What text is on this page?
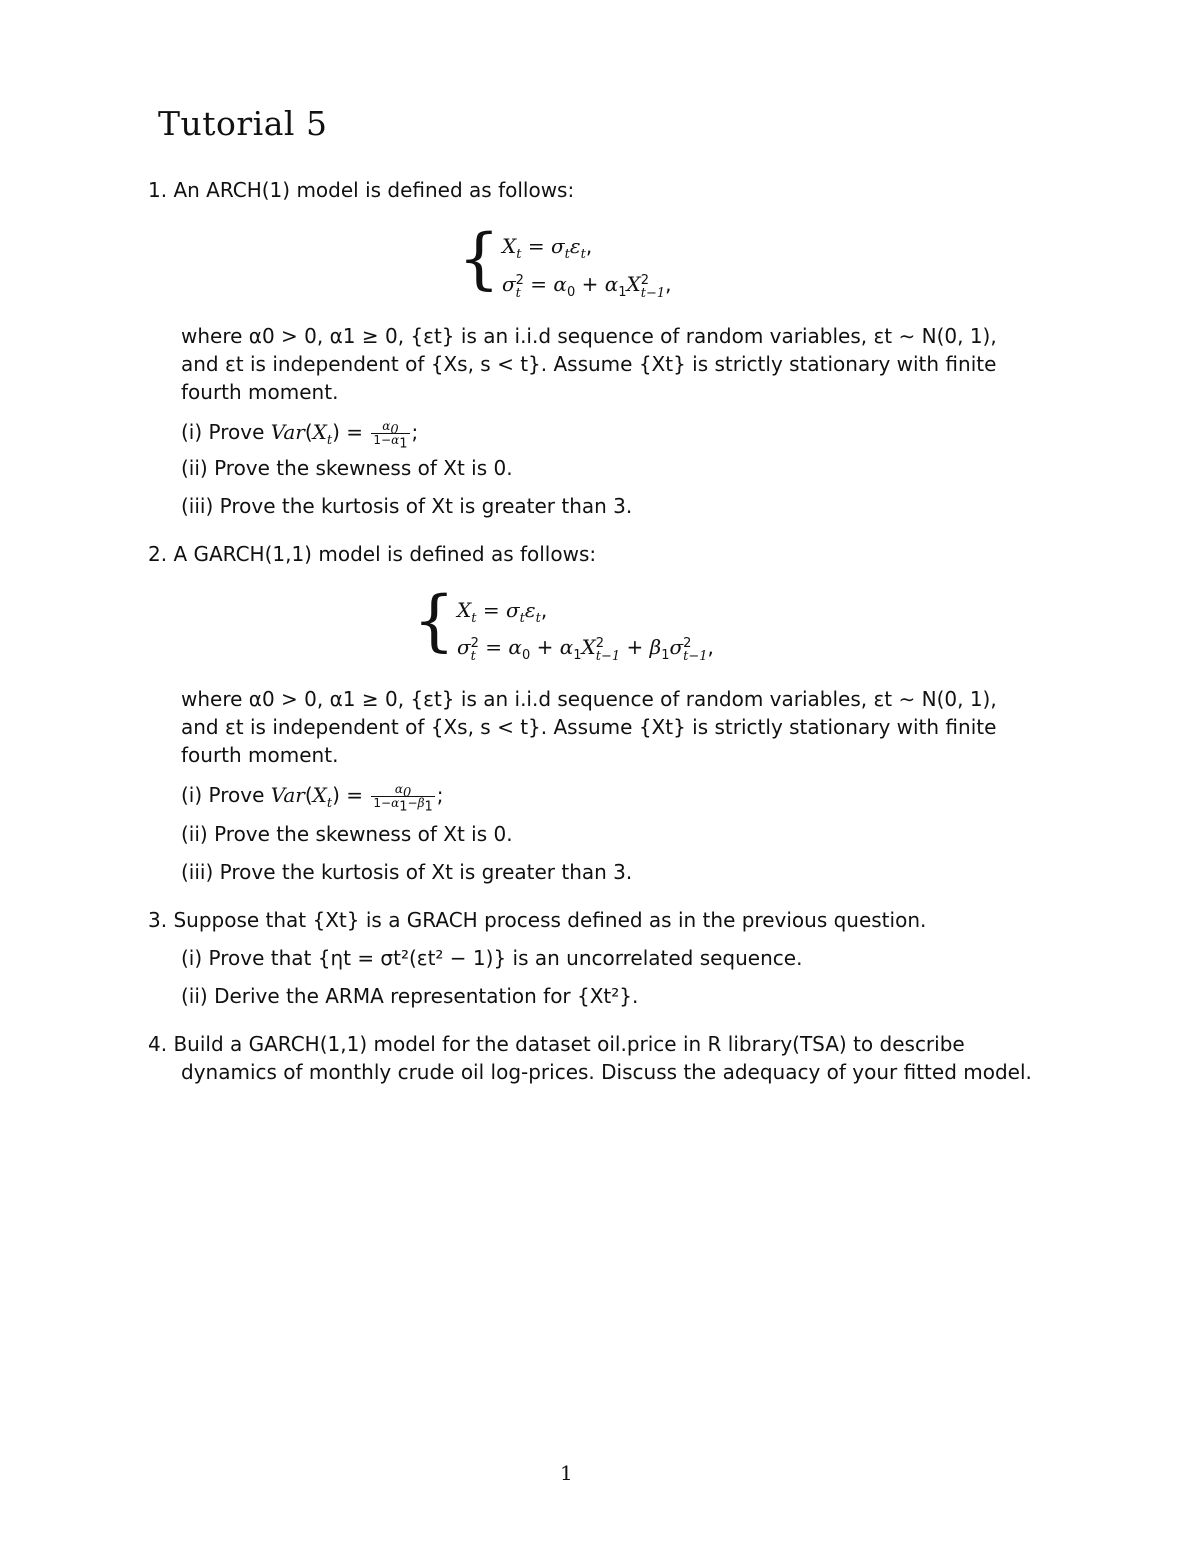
Tutorial 5
1. An ARCH(1) model is defined as follows:
{ $X_t = \sigma_t\varepsilon_t$,
σ 2
$t = \alpha_0 + \alpha_1X$ 2
t−1 ,
where α0 > 0, α1 ≥ 0, {εt} is an i.i.d sequence of random variables, εt ∼ N(0, 1),
and εt is independent of {Xs, s < t}. Assume {Xt} is strictly stationary with finite
fourth moment.
(i) Prove $Var(X_t) = \frac{\alpha_0}{1-\alpha_1}$ ;
(ii) Prove the skewness of Xt is 0.
(iii) Prove the kurtosis of Xt is greater than 3.
2. A GARCH(1,1) model is defined as follows:
{ $X_t = \sigma_t\varepsilon_t$,
σ 2
$t = \alpha_0 + \alpha_1X$ 2
$t-1 + \beta_1\sigma$ 2
t−1 ,
where α0 > 0, α1 ≥ 0, {εt} is an i.i.d sequence of random variables, εt ∼ N(0, 1),
and εt is independent of {Xs, s < t}. Assume {Xt} is strictly stationary with finite
fourth moment.
(i) Prove $Var(X_t) = \frac{\alpha_0}{1-\alpha_1-\beta_1}$ ;
(ii) Prove the skewness of Xt is 0.
(iii) Prove the kurtosis of Xt is greater than 3.
3. Suppose that {Xt} is a GRACH process defined as in the previous question.
(i) Prove that {ηt = σt²(εt² − 1)} is an uncorrelated sequence.
(ii) Derive the ARMA representation for {Xt²}.
4. Build a GARCH(1,1) model for the dataset oil.price in R library(TSA) to describe
dynamics of monthly crude oil log-prices. Discuss the adequacy of your fitted model.
1
